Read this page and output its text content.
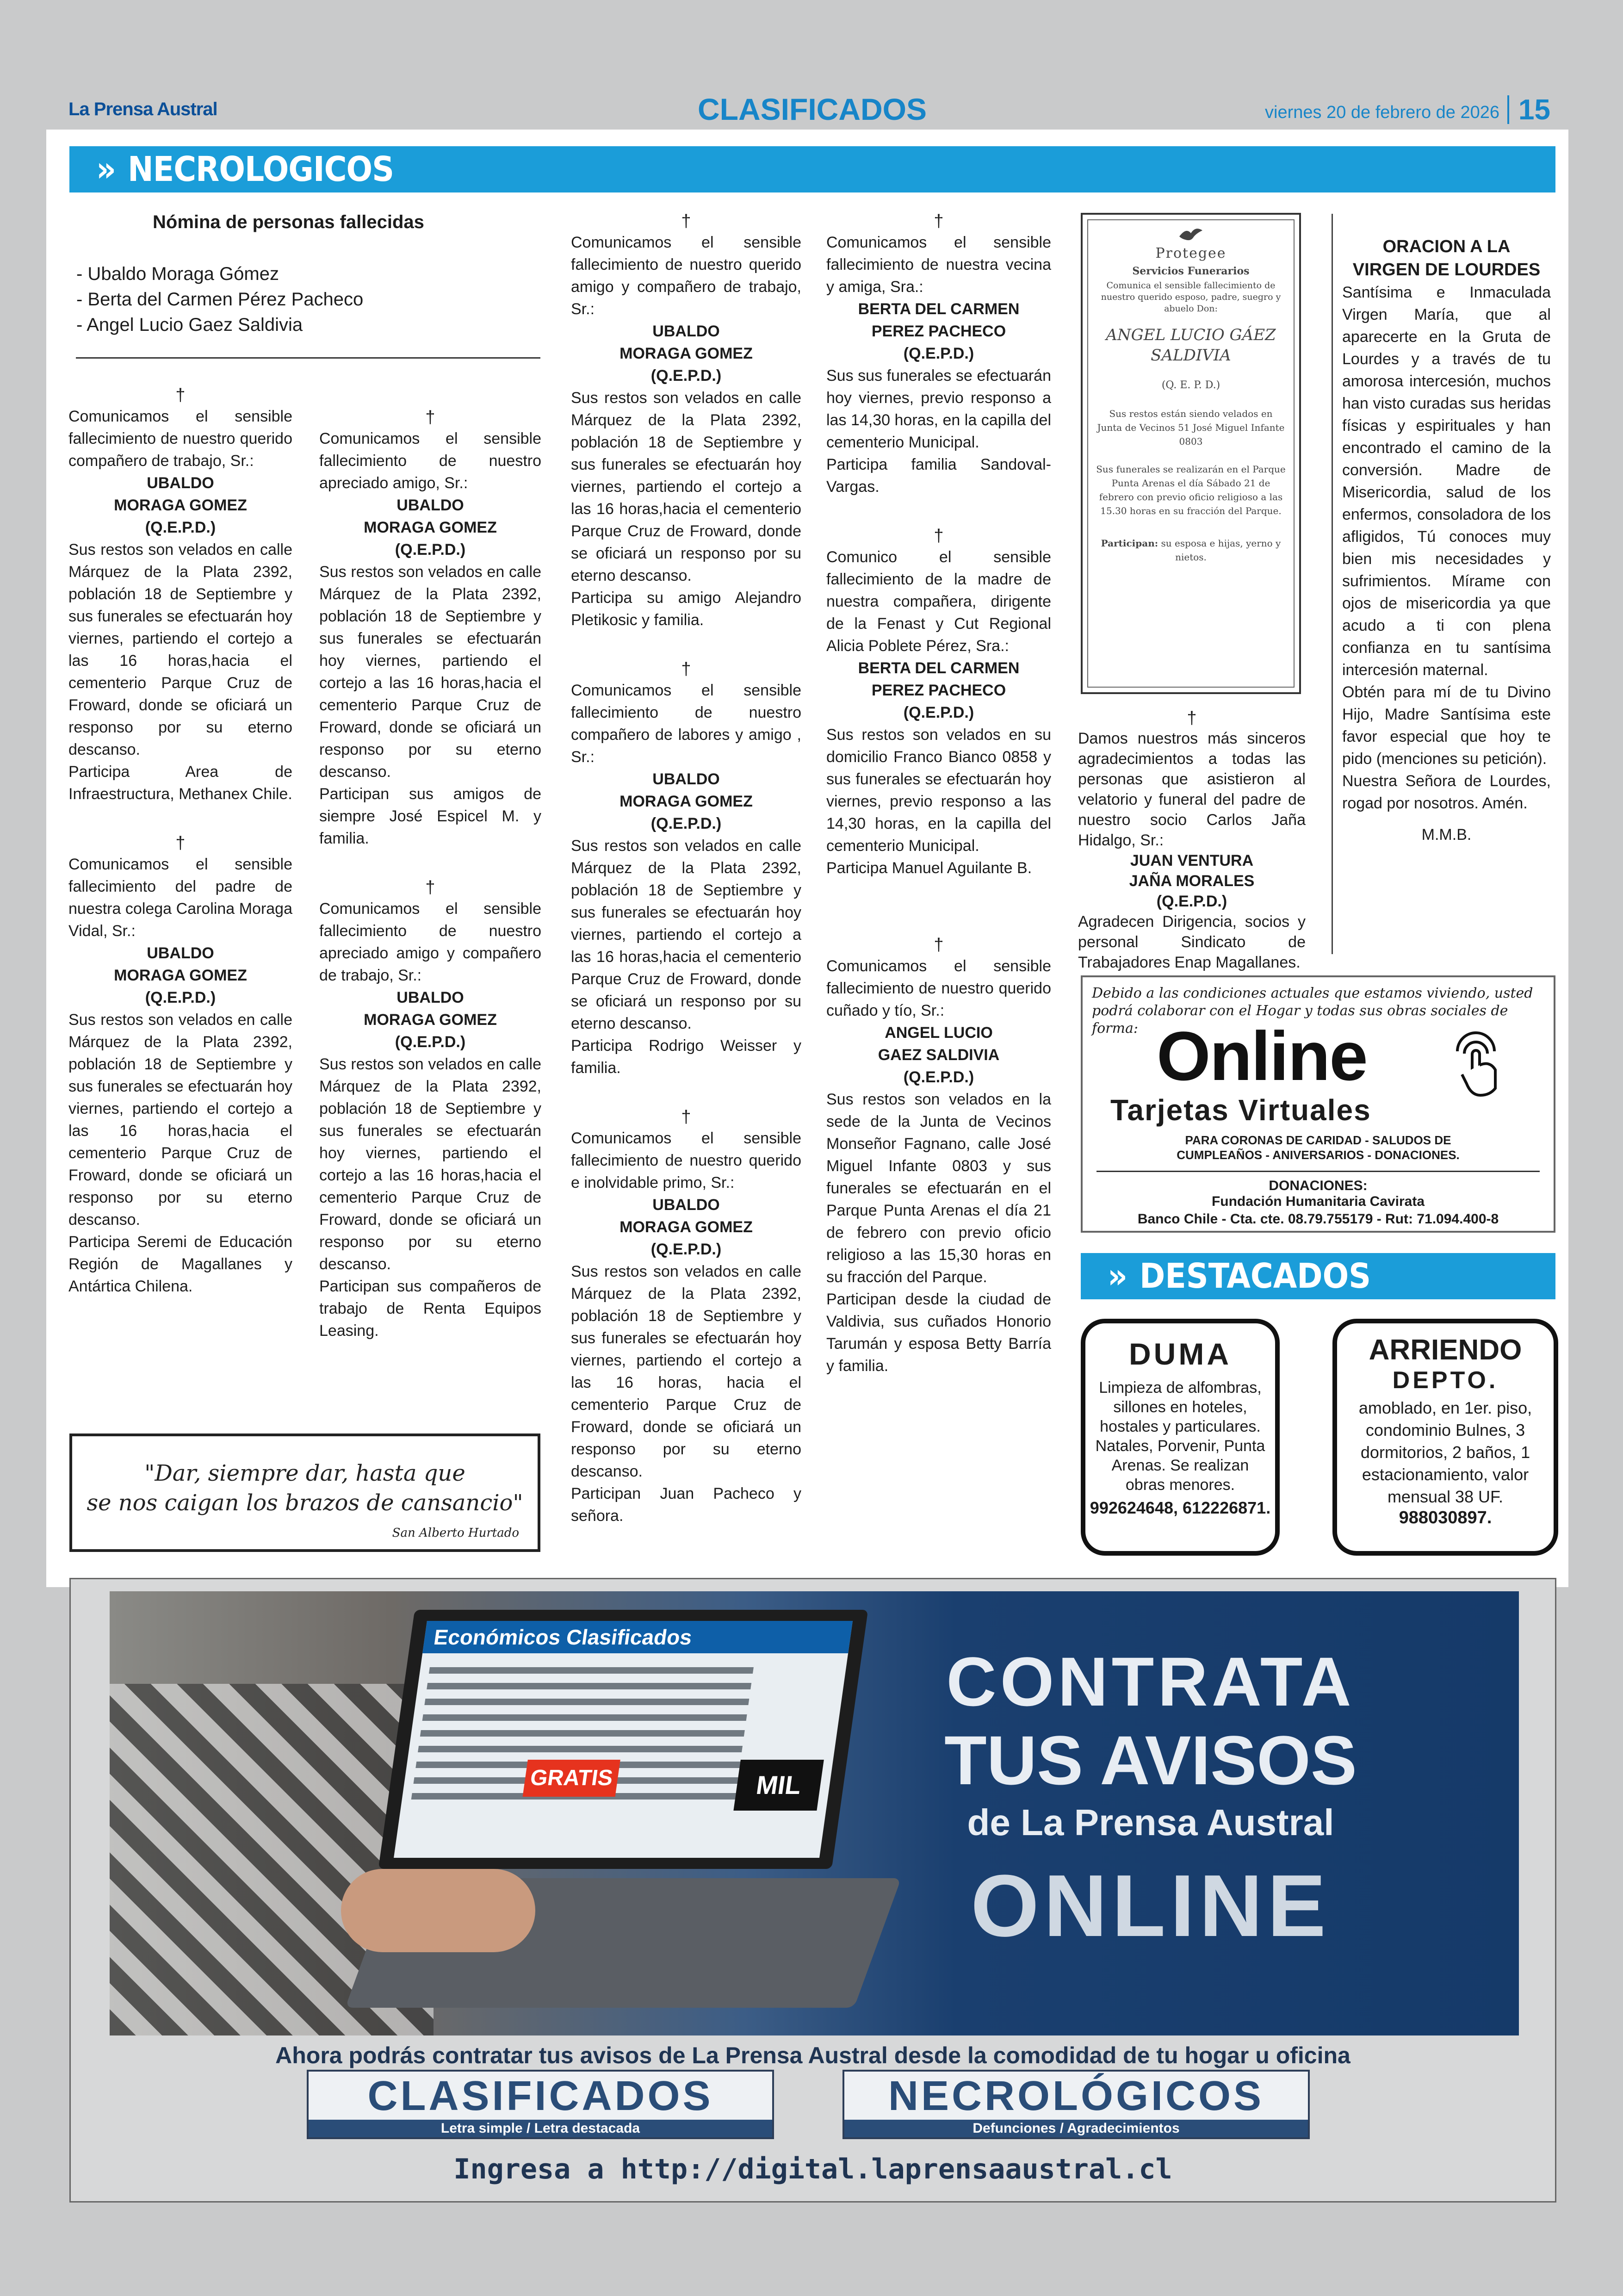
La Prensa Austral	CLASIFICADOS	viernes 20 de febrero de 2026 15
» NECROLOGICOS
Nómina de personas fallecidas
- Ubaldo Moraga Gómez
- Berta del Carmen Pérez Pacheco
- Angel Lucio Gaez Saldivia
†

Comunicamos el sensible fallecimiento de nuestro querido compañero de trabajo, Sr.:

UBALDO
MORAGA GOMEZ
(Q.E.P.D.)

Sus restos son velados en calle Márquez de la Plata 2392, población 18 de Septiembre y sus funerales se efectuarán hoy viernes, partiendo el cortejo a las 16 horas,hacia el cementerio Parque Cruz de Froward, donde se oficiará un responso por su eterno descanso.

Participa Area de Infraestructura, Methanex Chile.

†

Comunicamos el sensible fallecimiento del padre de nuestra colega Carolina Moraga Vidal, Sr.:

UBALDO
MORAGA GOMEZ
(Q.E.P.D.)

Sus restos son velados en calle Márquez de la Plata 2392, población 18 de Septiembre y sus funerales se efectuarán hoy viernes, partiendo el cortejo a las 16 horas,hacia el cementerio Parque Cruz de Froward, donde se oficiará un responso por su eterno descanso.

Participa Seremi de Educación Región de Magallanes y Antártica Chilena.

†

Comunicamos el sensible fallecimiento de nuestro apreciado amigo, Sr.:

UBALDO
MORAGA GOMEZ
(Q.E.P.D.)

Sus restos son velados en calle Márquez de la Plata 2392, población 18 de Septiembre y sus funerales se efectuarán hoy viernes, partiendo el cortejo a las 16 horas,hacia el cementerio Parque Cruz de Froward, donde se oficiará un responso por su eterno descanso.

Participan sus amigos de siempre José Espicel M. y familia.

†

Comunicamos el sensible fallecimiento de nuestro apreciado amigo y compañero de trabajo, Sr.:

UBALDO
MORAGA GOMEZ
(Q.E.P.D.)

Sus restos son velados en calle Márquez de la Plata 2392, población 18 de Septiembre y sus funerales se efectuarán hoy viernes, partiendo el cortejo a las 16 horas,hacia el cementerio Parque Cruz de Froward, donde se oficiará un responso por su eterno descanso.

Participan sus compañeros de trabajo de Renta Equipos Leasing.

†

Comunicamos el sensible fallecimiento de nuestro querido amigo y compañero de trabajo, Sr.:

UBALDO
MORAGA GOMEZ
(Q.E.P.D.)

Sus restos son velados en calle Márquez de la Plata 2392, población 18 de Septiembre y sus funerales se efectuarán hoy viernes, partiendo el cortejo a las 16 horas,hacia el cementerio Parque Cruz de Froward, donde se oficiará un responso por su eterno descanso.

Participa su amigo Alejandro Pletikosic y familia.

†

Comunicamos el sensible fallecimiento de nuestro compañero de labores y amigo , Sr.:

UBALDO
MORAGA GOMEZ
(Q.E.P.D.)

Sus restos son velados en calle Márquez de la Plata 2392, población 18 de Septiembre y sus funerales se efectuarán hoy viernes, partiendo el cortejo a las 16 horas,hacia el cementerio Parque Cruz de Froward, donde se oficiará un responso por su eterno descanso.

Participa Rodrigo Weisser y familia.

†

Comunicamos el sensible fallecimiento de nuestro querido e inolvidable primo, Sr.:

UBALDO
MORAGA GOMEZ
(Q.E.P.D.)

Sus restos son velados en calle Márquez de la Plata 2392, población 18 de Septiembre y sus funerales se efectuarán hoy viernes, partiendo el cortejo a las 16 horas, hacia el cementerio Parque Cruz de Froward, donde se oficiará un responso por su eterno descanso.

Participan Juan Pacheco y señora.

†

Comunicamos el sensible fallecimiento de nuestra vecina y amiga, Sra.:

BERTA DEL CARMEN
PEREZ PACHECO
(Q.E.P.D.)

Sus sus funerales se efectuarán hoy viernes, previo responso a las 14,30 horas, en la capilla del cementerio Municipal.

Participa familia Sandoval-Vargas.

†

Comunico el sensible fallecimiento de la madre de nuestra compañera, dirigente de la Fenast y Cut Regional Alicia Poblete Pérez, Sra.:

BERTA DEL CARMEN
PEREZ PACHECO
(Q.E.P.D.)

Sus restos son velados en su domicilio Franco Bianco 0858 y sus funerales se efectuarán hoy viernes, previo responso a las 14,30 horas, en la capilla del cementerio Municipal.

Participa Manuel Aguilante B.

†

Comunicamos el sensible fallecimiento de nuestro querido cuñado y tío, Sr.:

ANGEL LUCIO
GAEZ SALDIVIA
(Q.E.P.D.)

Sus restos son velados en la sede de la Junta de Vecinos Monseñor Fagnano, calle José Miguel Infante 0803 y sus funerales se efectuarán en el Parque Punta Arenas el día 21 de febrero con previo oficio religioso a las 15,30 horas en su fracción del Parque.

Participan desde la ciudad de Valdivia, sus cuñados Honorio Tarumán y esposa Betty Barría y familia.

Protegee
Servicios Funerarios
Comunica el sensible fallecimiento de nuestro querido esposo, padre, suegro y abuelo Don:
ANGEL LUCIO GÁEZ
SALDIVIA
(Q. E. P. D.)
Sus restos están siendo velados en Junta de Vecinos 51 José Miguel Infante 0803
Sus funerales se realizarán en el Parque Punta Arenas el día Sábado 21 de febrero con previo oficio religioso a las 15.30 horas en su fracción del Parque.
Participan: su esposa e hijas, yerno y nietos.
†

Damos nuestros más sinceros agradecimientos a todas las personas que asistieron al velatorio y funeral del padre de nuestro socio Carlos Jaña Hidalgo, Sr.:

JUAN VENTURA
JAÑA MORALES
(Q.E.P.D.)

Agradecen Dirigencia, socios y personal Sindicato de Trabajadores Enap Magallanes.

ORACION A LA
VIRGEN DE LOURDES

Santísima e Inmaculada Virgen María, que al aparecerte en la Gruta de Lourdes y a través de tu amorosa intercesión, muchos han visto curadas sus heridas físicas y espirituales y han encontrado el camino de la conversión. Madre de Misericordia, salud de los enfermos, consoladora de los afligidos, Tú conoces muy bien mis necesidades y sufrimientos. Mírame con ojos de misericordia ya que acudo a ti con plena confianza en tu santísima intercesión maternal.

Obtén para mí de tu Divino Hijo, Madre Santísima este favor especial que hoy te pido (menciones su petición).

Nuestra Señora de Lourdes, rogad por nosotros. Amén.

M.M.B.
"Dar, siempre dar, hasta que
se nos caigan los brazos de cansancio"
San Alberto Hurtado
Debido a las condiciones actuales que estamos viviendo, usted podrá colaborar con el Hogar y todas sus obras sociales de forma: Online
Tarjetas Virtuales
PARA CORONAS DE CARIDAD - SALUDOS DE
CUMPLEAÑOS - ANIVERSARIOS - DONACIONES.
DONACIONES:
Fundación Humanitaria Cavirata
Banco Chile - Cta. cte. 08.79.755179 - Rut: 71.094.400-8
» DESTACADOS
DUMA
Limpieza de alfombras, sillones en hoteles, hostales y particulares. Natales, Porvenir, Punta Arenas. Se realizan obras menores.
992624648, 612226871.
ARRIENDO
DEPTO.
amoblado, en 1er. piso, condominio Bulnes, 3 dormitorios, 2 baños, 1 estacionamiento, valor mensual 38 UF.
988030897.
Económicos Clasificados
MIL
GRATIS
CONTRATA
TUS AVISOS
de La Prensa Austral
ONLINE
Ahora podrás contratar tus avisos de La Prensa Austral desde la comodidad de tu hogar u oficina
CLASIFICADOS
Letra simple / Letra destacada
NECROLÓGICOS
Defunciones / Agradecimientos
Ingresa a http://digital.laprensaaustral.cl
